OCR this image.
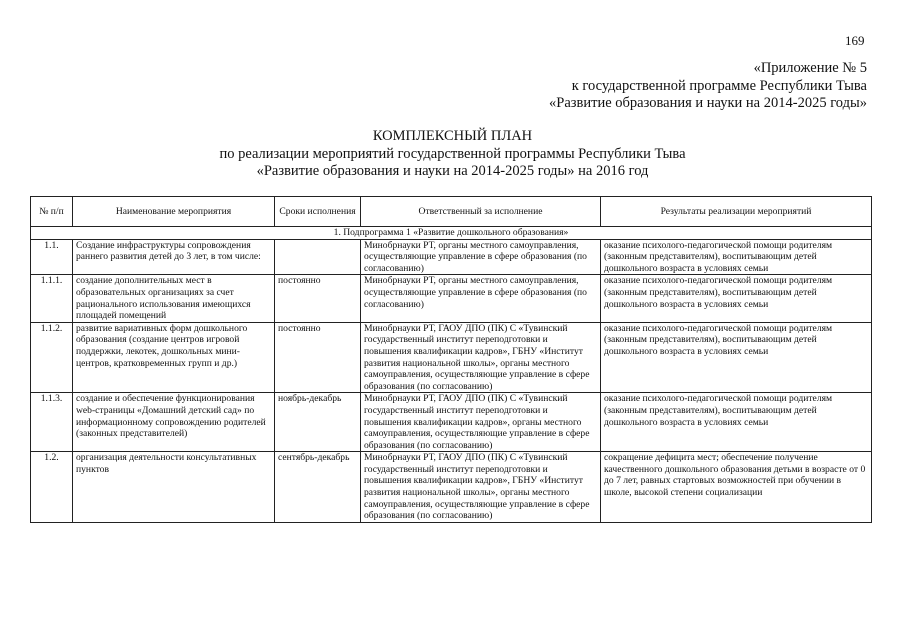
169
«Приложение № 5
к государственной программе Республики Тыва
«Развитие образования и науки на 2014-2025 годы»
КОМПЛЕКСНЫЙ ПЛАН
по реализации мероприятий государственной программы Республики Тыва
«Развитие образования и науки на 2014-2025 годы» на 2016 год
№ п/п	Наименование мероприятия	Сроки исполнения	Ответственный за исполнение	Результаты реализации мероприятий
1. Подпрограмма 1 «Развитие дошкольного образования»				
1.1.	Создание инфраструктуры сопровождения раннего развития детей до 3 лет, в том числе:		Минобрнауки РТ, органы местного самоуправления, осуществляющие управление в сфере образования (по согласованию)	оказание психолого-педагогической помощи родителям (законным представителям), воспитывающим детей дошкольного возраста в условиях семьи
1.1.1.	создание дополнительных мест в образовательных организациях за счет рационального использования имеющихся площадей помещений	постоянно	Минобрнауки РТ, органы местного самоуправления, осуществляющие управление в сфере образования (по согласованию)	оказание психолого-педагогической помощи родителям (законным представителям), воспитывающим детей дошкольного возраста в условиях семьи
1.1.2.	развитие вариативных форм дошкольного образования (создание центров игровой поддержки, лекотек, дошкольных мини-центров, кратковременных групп и др.)	постоянно	Минобрнауки РТ, ГАОУ ДПО (ПК) С «Тувинский государственный институт переподготовки и повышения квалификации кадров», ГБНУ «Институт развития национальной школы», органы местного самоуправления, осуществляющие управление в сфере образования (по согласованию)	оказание психолого-педагогической помощи родителям (законным представителям), воспитывающим детей дошкольного возраста в условиях семьи
1.1.3.	создание и обеспечение функционирования web-страницы «Домашний детский сад» по информационному сопровождению родителей (законных представителей)	ноябрь-декабрь	Минобрнауки РТ, ГАОУ ДПО (ПК) С «Тувинский государственный институт переподготовки и повышения квалификации кадров», органы местного самоуправления, осуществляющие управление в сфере образования (по согласованию)	оказание психолого-педагогической помощи родителям (законным представителям), воспитывающим детей дошкольного возраста в условиях семьи
1.2.	организация деятельности консультативных пунктов	сентябрь-декабрь	Минобрнауки РТ, ГАОУ ДПО (ПК) С «Тувинский государственный институт переподготовки и повышения квалификации кадров», ГБНУ «Институт развития национальной школы», органы местного самоуправления, осуществляющие управление в сфере образования (по согласованию)	сокращение дефицита мест; обеспечение получение качественного дошкольного образования детьми в возрасте от 0 до 7 лет, равных стартовых возможностей при обучении в школе, высокой степени социализации
